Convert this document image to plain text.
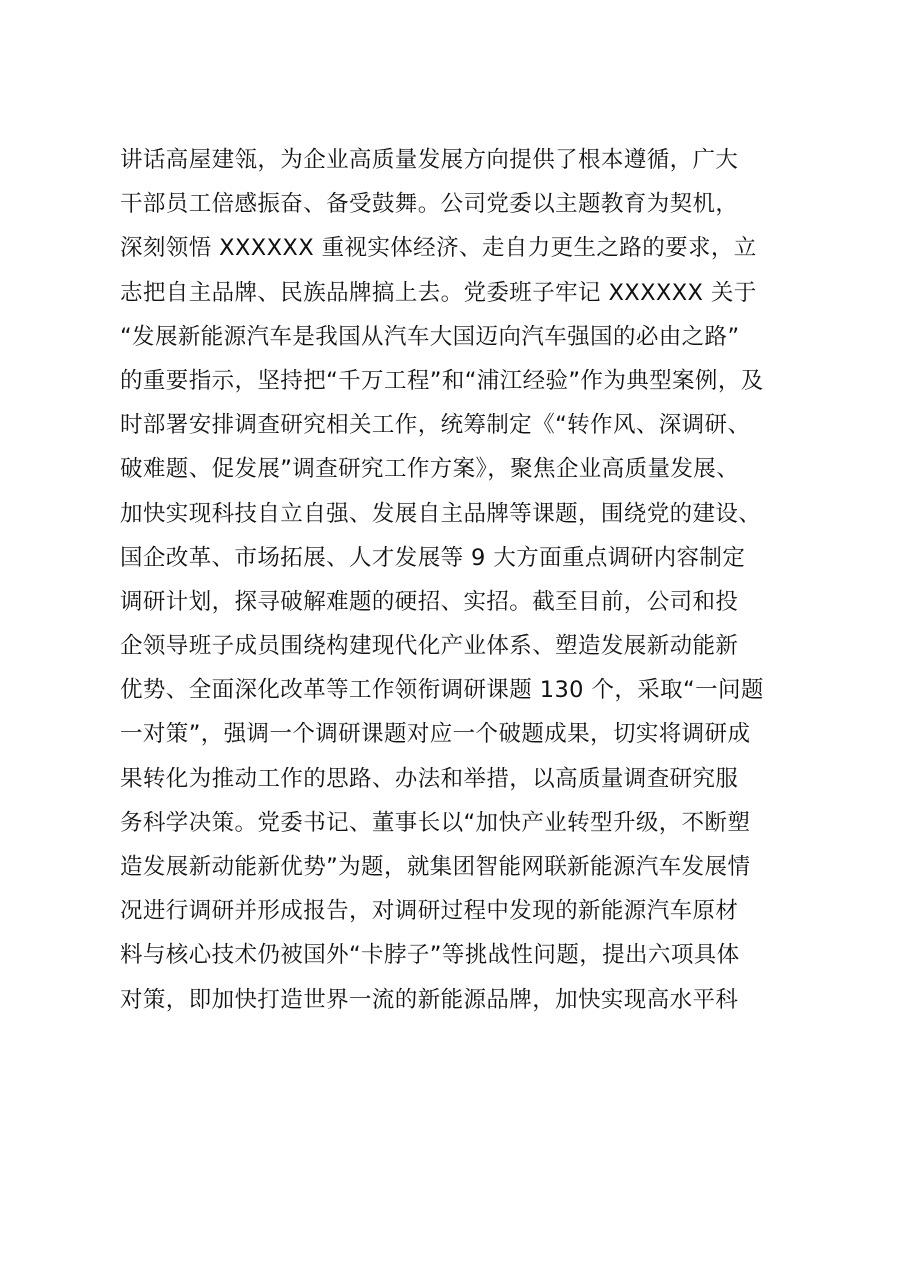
讲话高屋建瓴，为企业高质量发展方向提供了根本遵循，广大
干部员工倍感振奋、备受鼓舞。公司党委以主题教育为契机，
深刻领悟 XXXXXX 重视实体经济、走自力更生之路的要求，立
志把自主品牌、民族品牌搞上去。党委班子牢记 XXXXXX 关于
“发展新能源汽车是我国从汽车大国迈向汽车强国的必由之路”
的重要指示，坚持把“千万工程”和“浦江经验”作为典型案例，及
时部署安排调查研究相关工作，统筹制定《“转作风、深调研、
破难题、促发展”调查研究工作方案》，聚焦企业高质量发展、
加快实现科技自立自强、发展自主品牌等课题，围绕党的建设、
国企改革、市场拓展、人才发展等 9 大方面重点调研内容制定
调研计划，探寻破解难题的硬招、实招。截至目前，公司和投
企领导班子成员围绕构建现代化产业体系、塑造发展新动能新
优势、全面深化改革等工作领衔调研课题 130 个，采取“一问题
一对策”，强调一个调研课题对应一个破题成果，切实将调研成
果转化为推动工作的思路、办法和举措，以高质量调查研究服
务科学决策。党委书记、董事长以“加快产业转型升级，不断塑
造发展新动能新优势”为题，就集团智能网联新能源汽车发展情
况进行调研并形成报告，对调研过程中发现的新能源汽车原材
料与核心技术仍被国外“卡脖子”等挑战性问题，提出六项具体
对策，即加快打造世界一流的新能源品牌，加快实现高水平科
